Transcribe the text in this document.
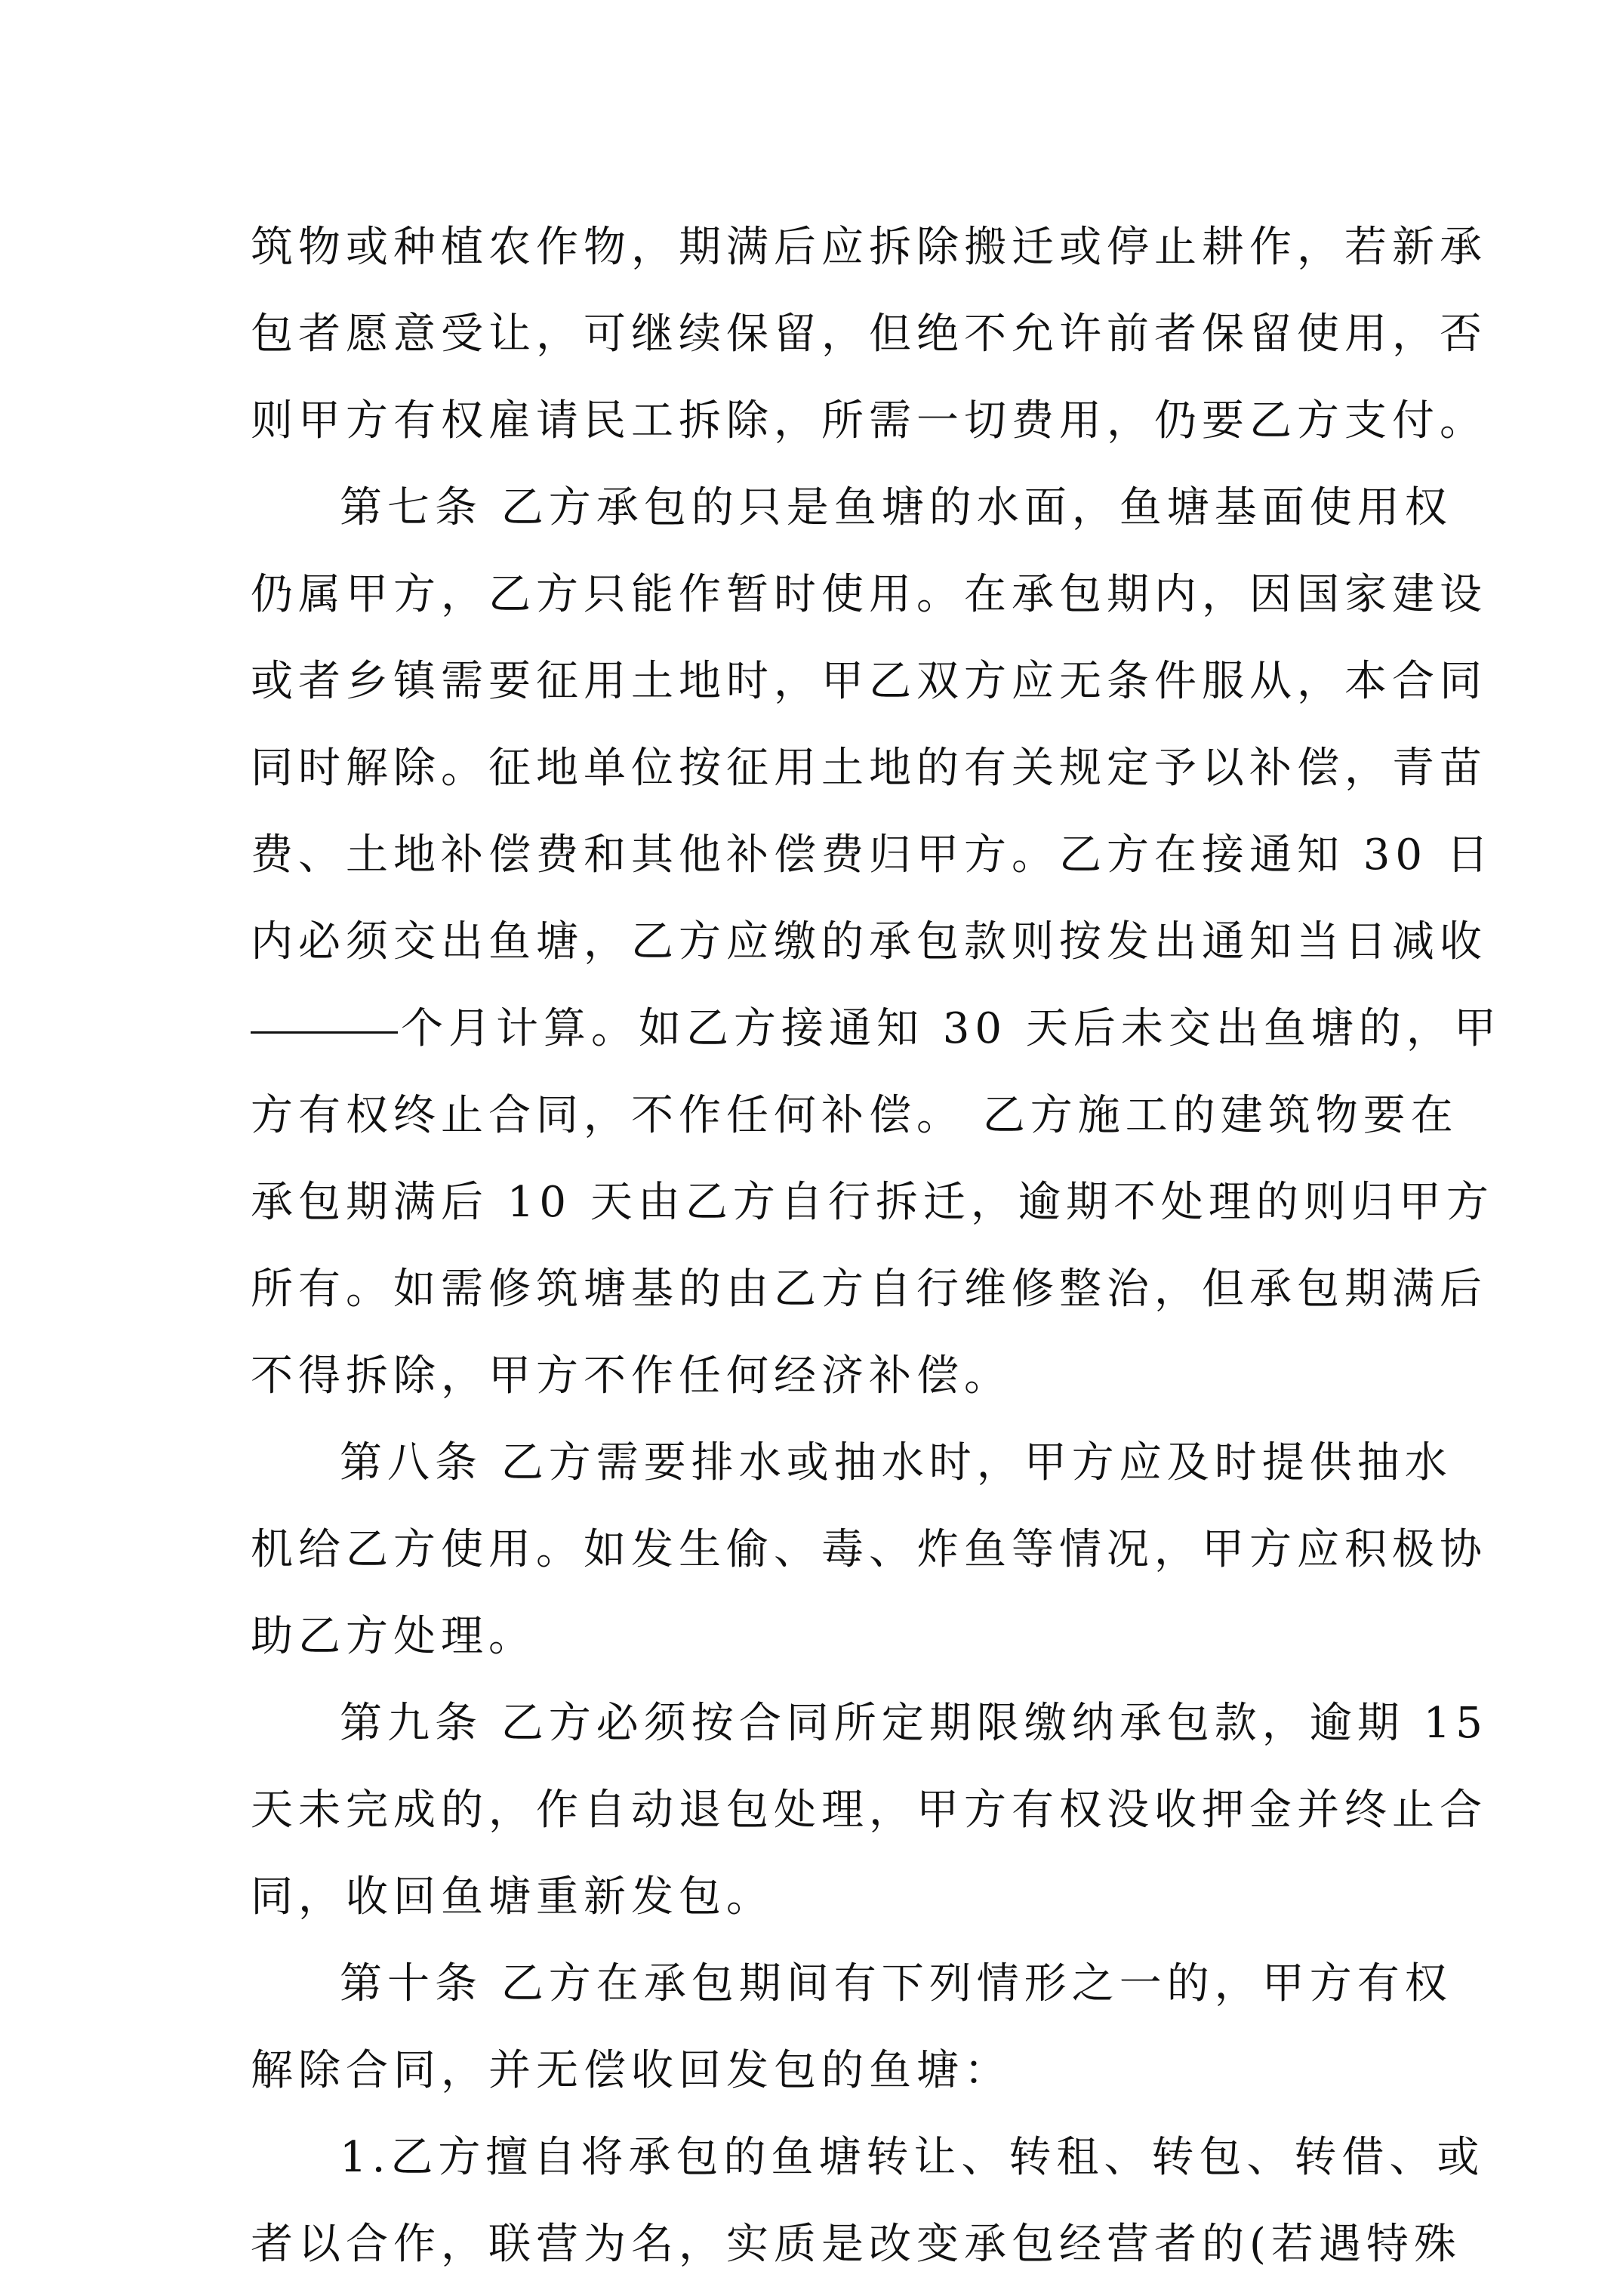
筑物或种植农作物，期满后应拆除搬迁或停止耕作，若新承
包者愿意受让，可继续保留，但绝不允许前者保留使用，否
则甲方有权雇请民工拆除，所需一切费用，仍要乙方支付。
第七条 乙方承包的只是鱼塘的水面，鱼塘基面使用权
仍属甲方，乙方只能作暂时使用。在承包期内，因国家建设
或者乡镇需要征用土地时，甲乙双方应无条件服从，本合同
同时解除。征地单位按征用土地的有关规定予以补偿，青苗
费、土地补偿费和其他补偿费归甲方。乙方在接通知 30 日
内必须交出鱼塘，乙方应缴的承包款则按发出通知当日减收
个月计算。如乙方接通知 30 天后未交出鱼塘的，甲
方有权终止合同，不作任何补偿。 乙方施工的建筑物要在
承包期满后 10 天由乙方自行拆迁，逾期不处理的则归甲方
所有。如需修筑塘基的由乙方自行维修整治，但承包期满后
不得拆除，甲方不作任何经济补偿。
第八条 乙方需要排水或抽水时，甲方应及时提供抽水
机给乙方使用。如发生偷、毒、炸鱼等情况，甲方应积极协
助乙方处理。
第九条 乙方必须按合同所定期限缴纳承包款，逾期 15
天未完成的，作自动退包处理，甲方有权没收押金并终止合
同，收回鱼塘重新发包。
第十条 乙方在承包期间有下列情形之一的，甲方有权
解除合同，并无偿收回发包的鱼塘：
1.乙方擅自将承包的鱼塘转让、转租、转包、转借、或
者以合作，联营为名，实质是改变承包经营者的(若遇特殊
